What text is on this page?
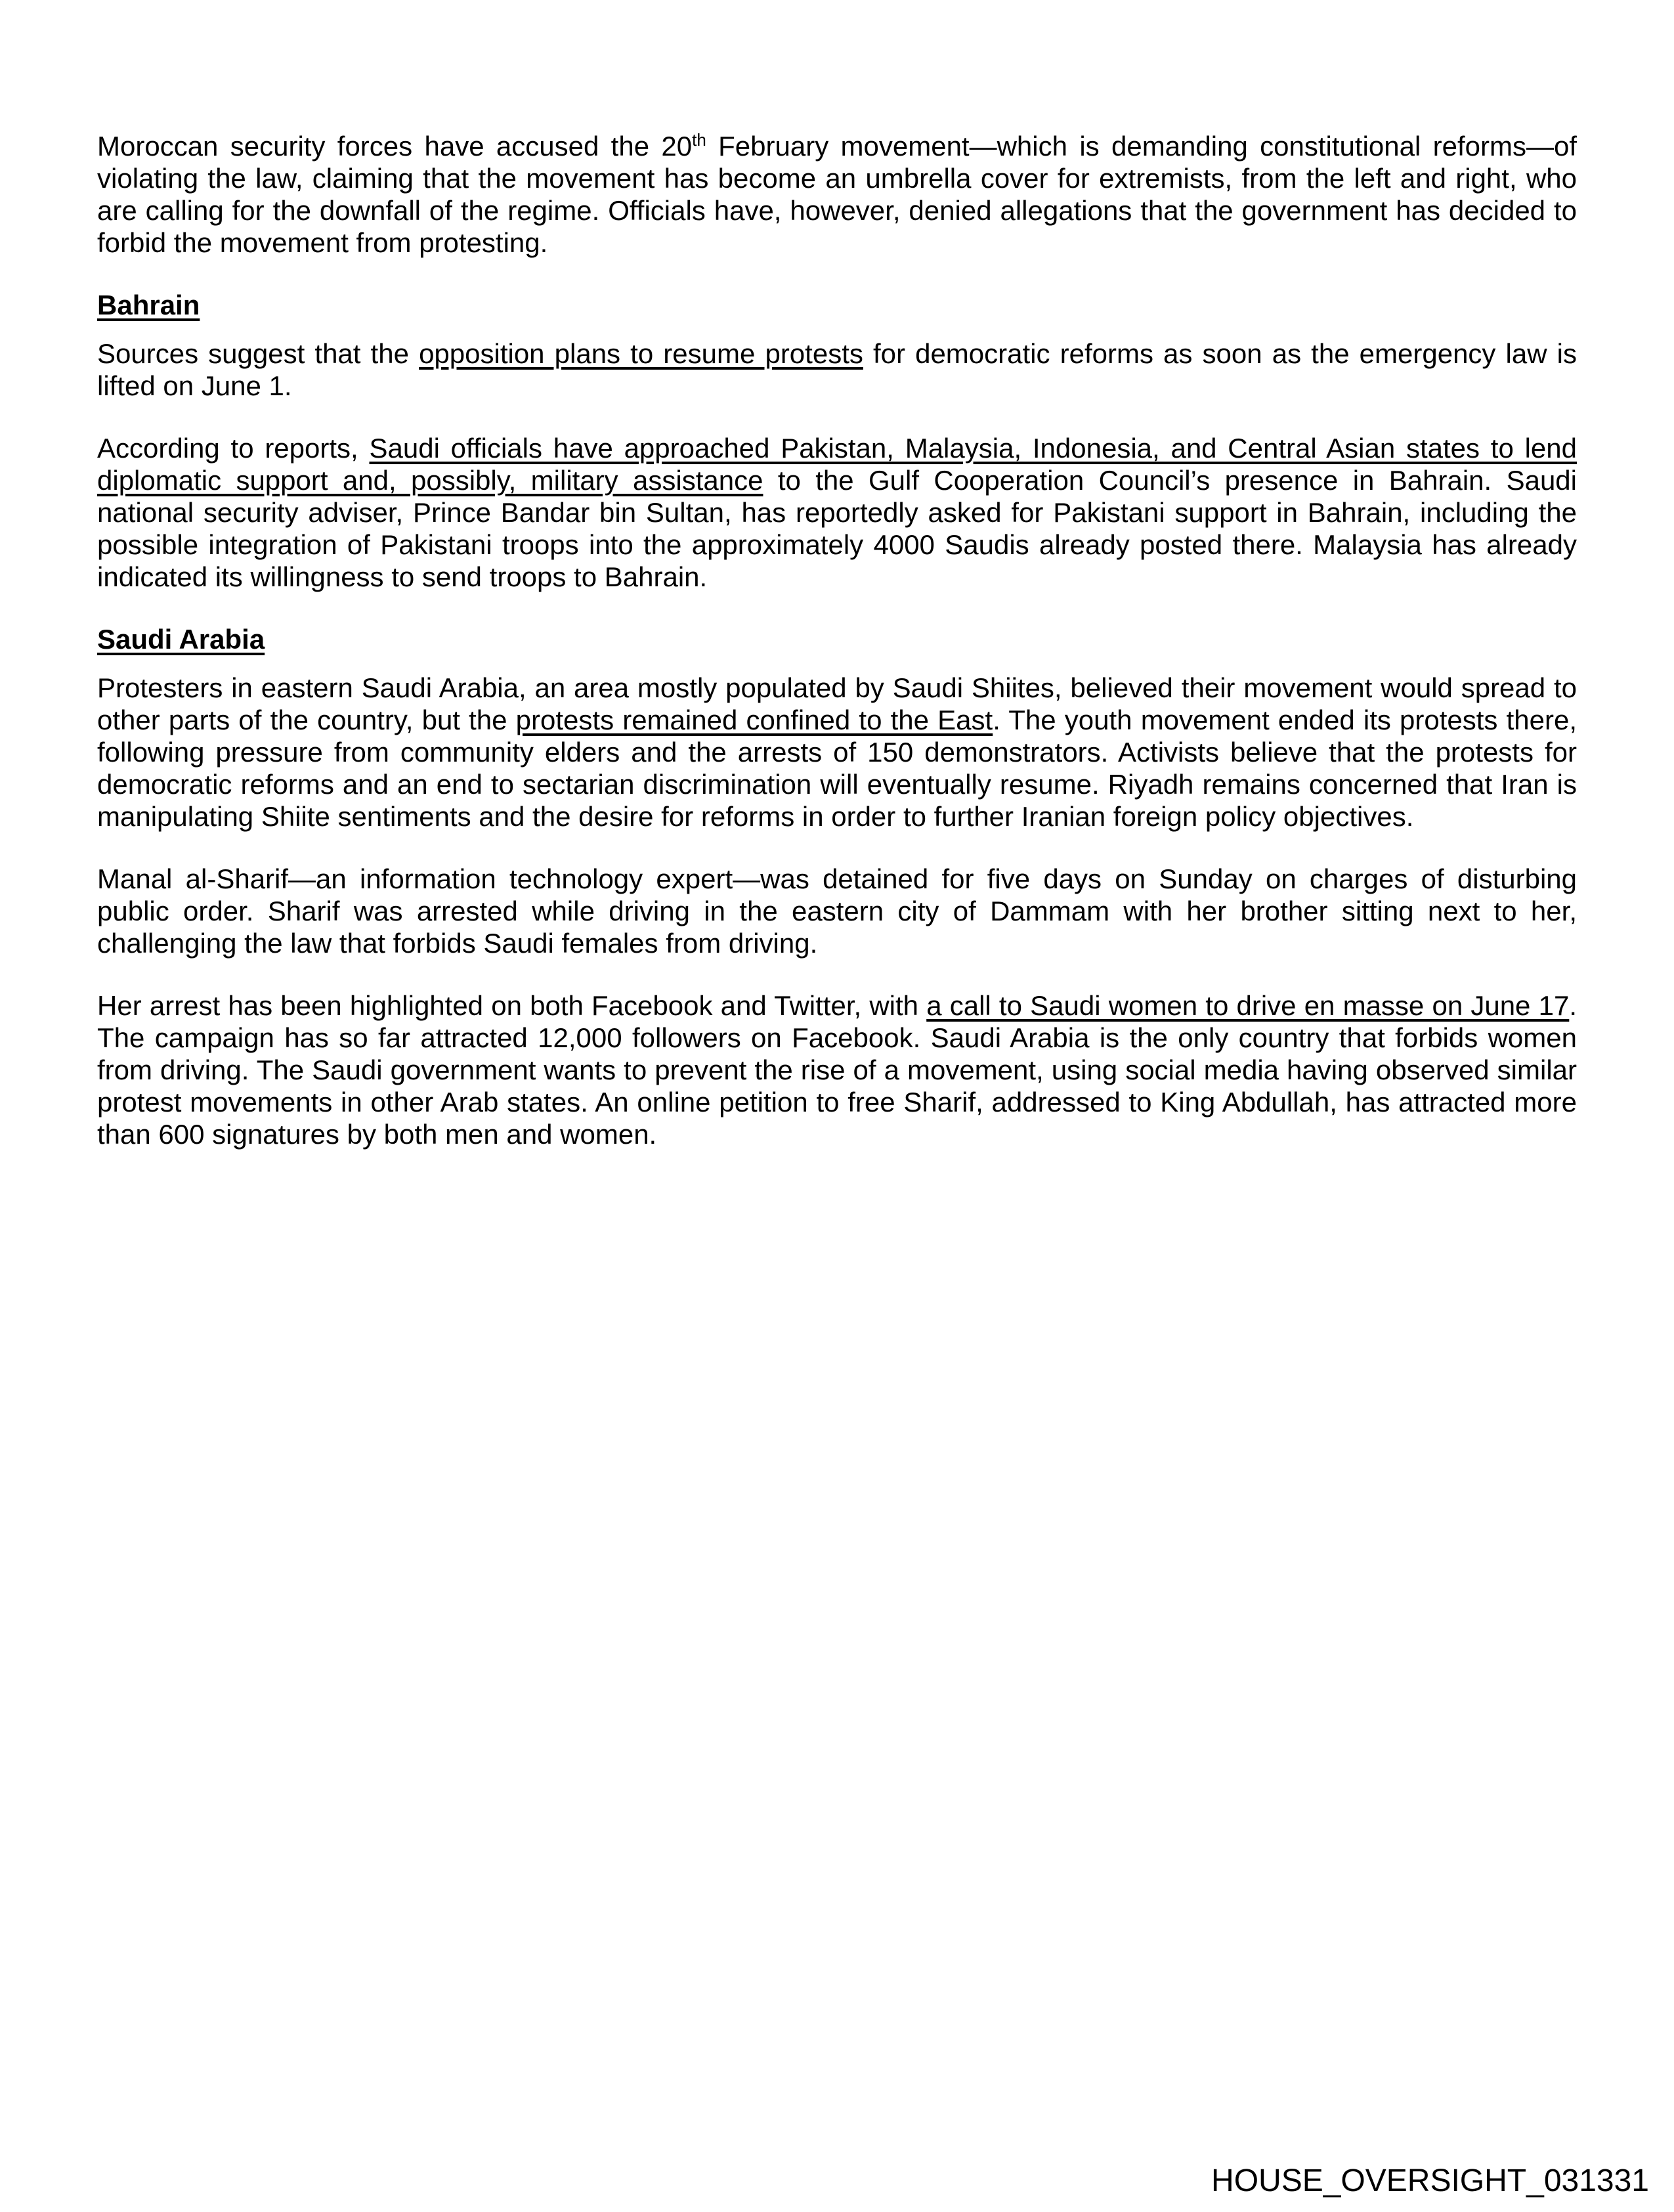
Moroccan security forces have accused the 20th February movement—which is demanding constitutional reforms—of violating the law, claiming that the movement has become an umbrella cover for extremists, from the left and right, who are calling for the downfall of the regime. Officials have, however, denied allegations that the government has decided to forbid the movement from protesting.

Bahrain

Sources suggest that the opposition plans to resume protests for democratic reforms as soon as the emergency law is lifted on June 1.

According to reports, Saudi officials have approached Pakistan, Malaysia, Indonesia, and Central Asian states to lend diplomatic support and, possibly, military assistance to the Gulf Cooperation Council’s presence in Bahrain. Saudi national security adviser, Prince Bandar bin Sultan, has reportedly asked for Pakistani support in Bahrain, including the possible integration of Pakistani troops into the approximately 4000 Saudis already posted there. Malaysia has already indicated its willingness to send troops to Bahrain.

Saudi Arabia

Protesters in eastern Saudi Arabia, an area mostly populated by Saudi Shiites, believed their movement would spread to other parts of the country, but the protests remained confined to the East. The youth movement ended its protests there, following pressure from community elders and the arrests of 150 demonstrators. Activists believe that the protests for democratic reforms and an end to sectarian discrimination will eventually resume. Riyadh remains concerned that Iran is manipulating Shiite sentiments and the desire for reforms in order to further Iranian foreign policy objectives.

Manal al-Sharif—an information technology expert—was detained for five days on Sunday on charges of disturbing public order. Sharif was arrested while driving in the eastern city of Dammam with her brother sitting next to her, challenging the law that forbids Saudi females from driving.

Her arrest has been highlighted on both Facebook and Twitter, with a call to Saudi women to drive en masse on June 17. The campaign has so far attracted 12,000 followers on Facebook. Saudi Arabia is the only country that forbids women from driving. The Saudi government wants to prevent the rise of a movement, using social media having observed similar protest movements in other Arab states. An online petition to free Sharif, addressed to King Abdullah, has attracted more than 600 signatures by both men and women.

HOUSE_OVERSIGHT_031331
